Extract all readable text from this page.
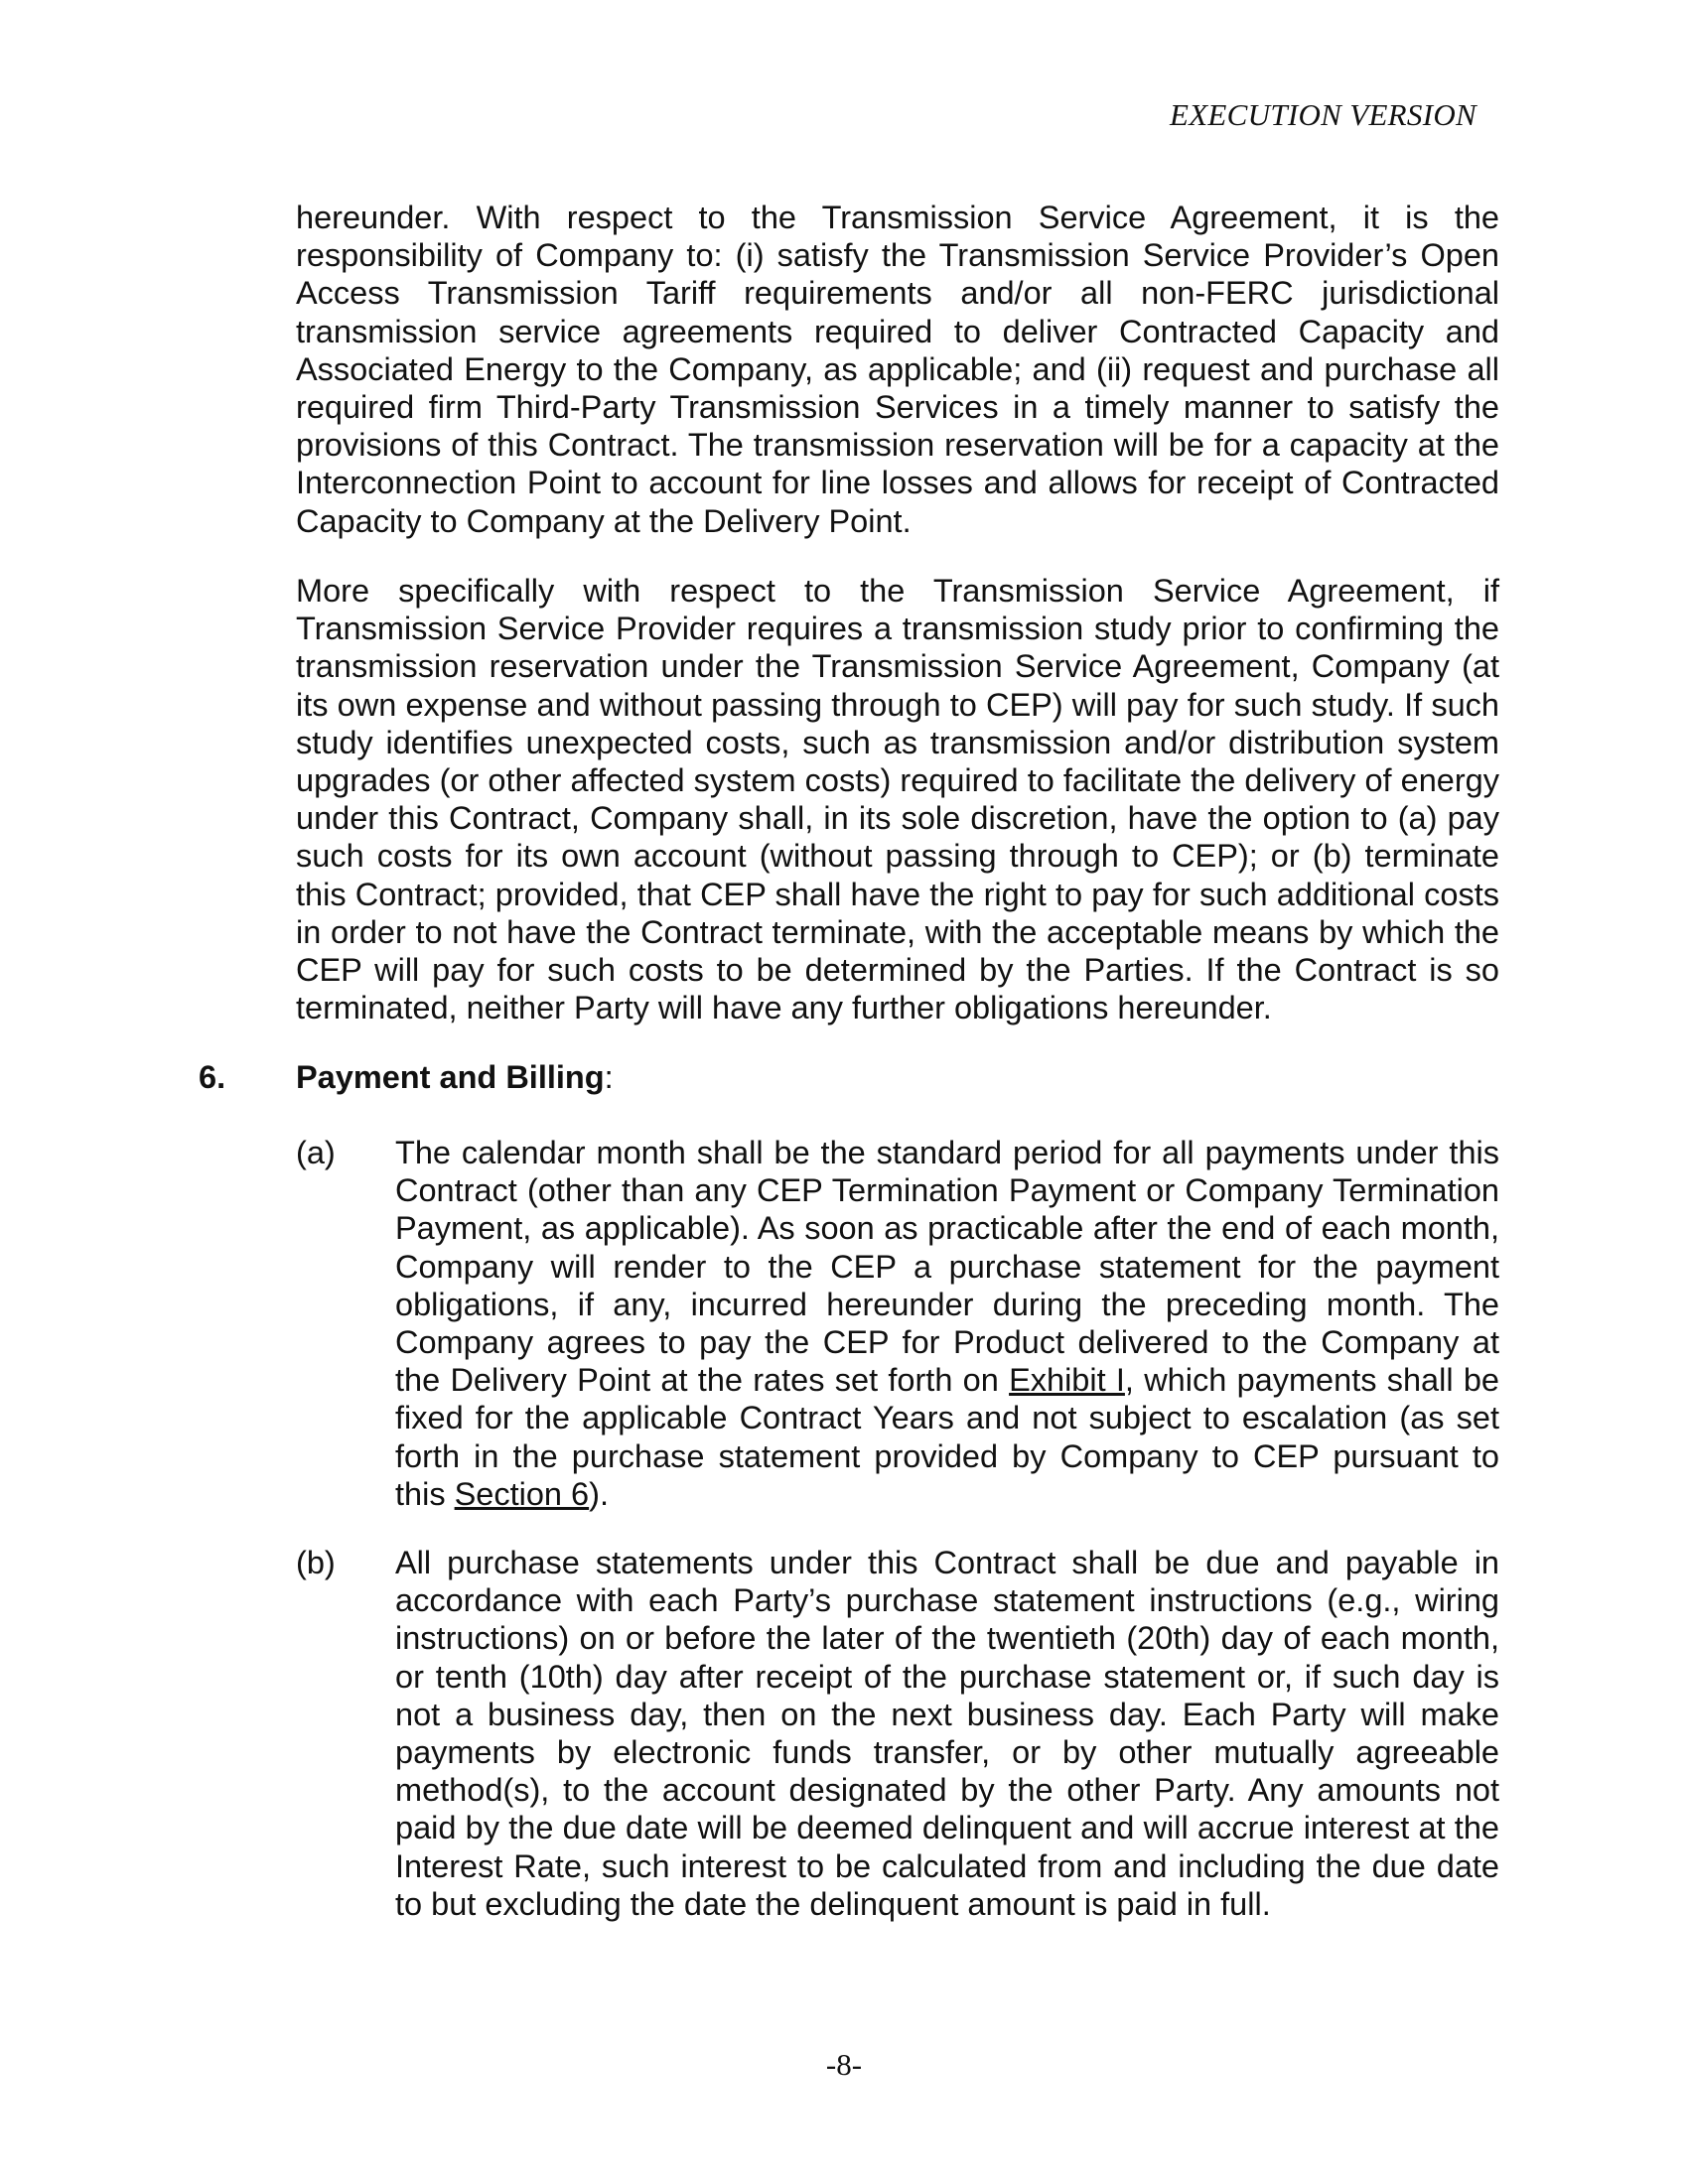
EXECUTION VERSION

hereunder. With respect to the Transmission Service Agreement, it is the responsibility of Company to: (i) satisfy the Transmission Service Provider’s Open Access Transmission Tariff requirements and/or all non-FERC jurisdictional transmission service agreements required to deliver Contracted Capacity and Associated Energy to the Company, as applicable; and (ii) request and purchase all required firm Third-Party Transmission Services in a timely manner to satisfy the provisions of this Contract. The transmission reservation will be for a capacity at the Interconnection Point to account for line losses and allows for receipt of Contracted Capacity to Company at the Delivery Point.

More specifically with respect to the Transmission Service Agreement, if Transmission Service Provider requires a transmission study prior to confirming the transmission reservation under the Transmission Service Agreement, Company (at its own expense and without passing through to CEP) will pay for such study. If such study identifies unexpected costs, such as transmission and/or distribution system upgrades (or other affected system costs) required to facilitate the delivery of energy under this Contract, Company shall, in its sole discretion, have the option to (a) pay such costs for its own account (without passing through to CEP); or (b) terminate this Contract; provided, that CEP shall have the right to pay for such additional costs in order to not have the Contract terminate, with the acceptable means by which the CEP will pay for such costs to be determined by the Parties. If the Contract is so terminated, neither Party will have any further obligations hereunder.

6. Payment and Billing:
(a) The calendar month shall be the standard period for all payments under this Contract (other than any CEP Termination Payment or Company Termination Payment, as applicable). As soon as practicable after the end of each month, Company will render to the CEP a purchase statement for the payment obligations, if any, incurred hereunder during the preceding month. The Company agrees to pay the CEP for Product delivered to the Company at the Delivery Point at the rates set forth on Exhibit I, which payments shall be fixed for the applicable Contract Years and not subject to escalation (as set forth in the purchase statement provided by Company to CEP pursuant to this Section 6).
(b) All purchase statements under this Contract shall be due and payable in accordance with each Party’s purchase statement instructions (e.g., wiring instructions) on or before the later of the twentieth (20th) day of each month, or tenth (10th) day after receipt of the purchase statement or, if such day is not a business day, then on the next business day. Each Party will make payments by electronic funds transfer, or by other mutually agreeable method(s), to the account designated by the other Party. Any amounts not paid by the due date will be deemed delinquent and will accrue interest at the Interest Rate, such interest to be calculated from and including the due date to but excluding the date the delinquent amount is paid in full.
-8-
